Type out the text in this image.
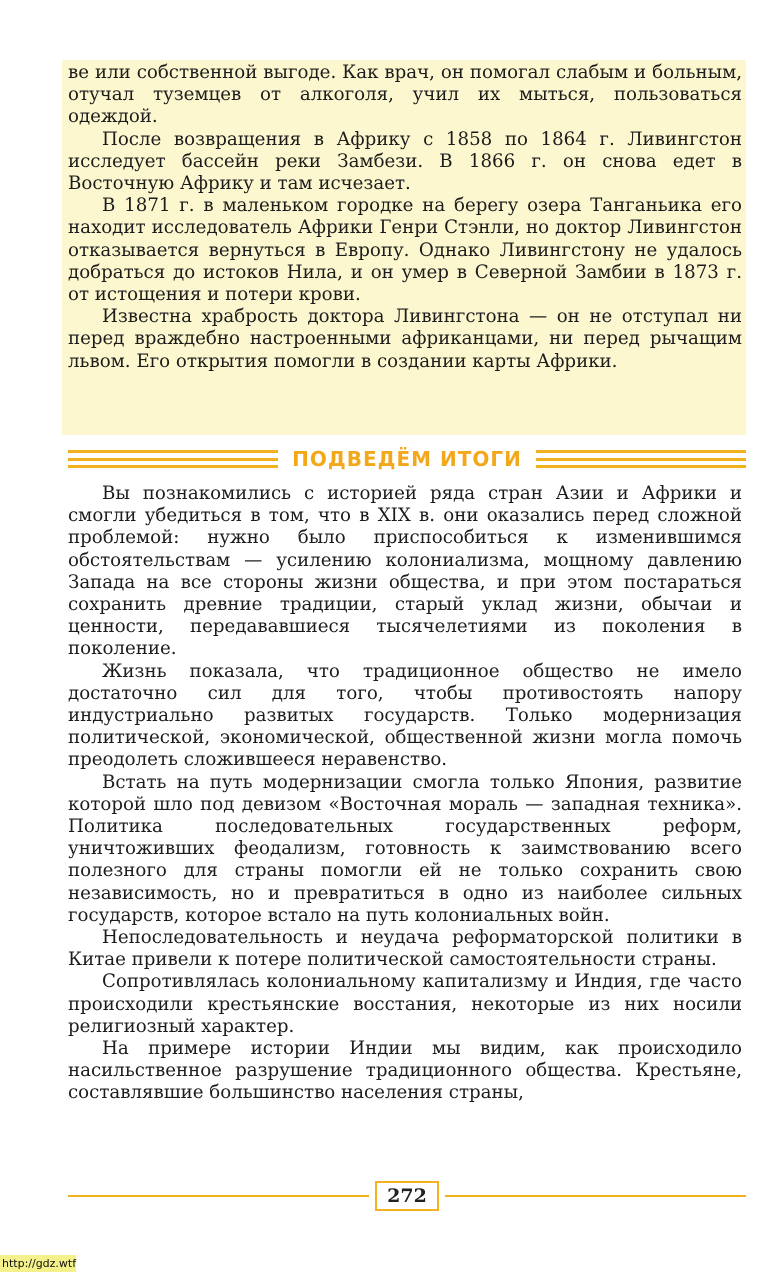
ве или собственной выгоде. Как врач, он помогал слабым и больным, отучал туземцев от алкоголя, учил их мыться, пользоваться одеждой.

После возвращения в Африку с 1858 по 1864 г. Ливингстон исследует бассейн реки Замбези. В 1866 г. он снова едет в Восточную Африку и там исчезает.

В 1871 г. в маленьком городке на берегу озера Танганьика его находит исследователь Африки Генри Стэнли, но доктор Ливингстон отказывается вернуться в Европу. Однако Ливингстону не удалось добраться до истоков Нила, и он умер в Северной Замбии в 1873 г. от истощения и потери крови.

Известна храбрость доктора Ливингстона — он не отступал ни перед враждебно настроенными африканцами, ни перед рычащим львом. Его открытия помогли в создании карты Африки.

ПОДВЕДЁМ ИТОГИ

Вы познакомились с историей ряда стран Азии и Африки и смогли убедиться в том, что в XIX в. они оказались перед сложной проблемой: нужно было приспособиться к изменившимся обстоятельствам — усилению колониализма, мощному давлению Запада на все стороны жизни общества, и при этом постараться сохранить древние традиции, старый уклад жизни, обычаи и ценности, передававшиеся тысячелетиями из поколения в поколение.

Жизнь показала, что традиционное общество не имело достаточно сил для того, чтобы противостоять напору индустриально развитых государств. Только модернизация политической, экономической, общественной жизни могла помочь преодолеть сложившееся неравенство.

Встать на путь модернизации смогла только Япония, развитие которой шло под девизом «Восточная мораль — западная техника». Политика последовательных государственных реформ, уничтоживших феодализм, готовность к заимствованию всего полезного для страны помогли ей не только сохранить свою независимость, но и превратиться в одно из наиболее сильных государств, которое встало на путь колониальных войн.

Непоследовательность и неудача реформаторской политики в Китае привели к потере политической самостоятельности страны.

Сопротивлялась колониальному капитализму и Индия, где часто происходили крестьянские восстания, некоторые из них носили религиозный характер.

На примере истории Индии мы видим, как происходило насильственное разрушение традиционного общества. Крестьяне, составлявшие большинство населения страны,

272
http://gdz.wtf
